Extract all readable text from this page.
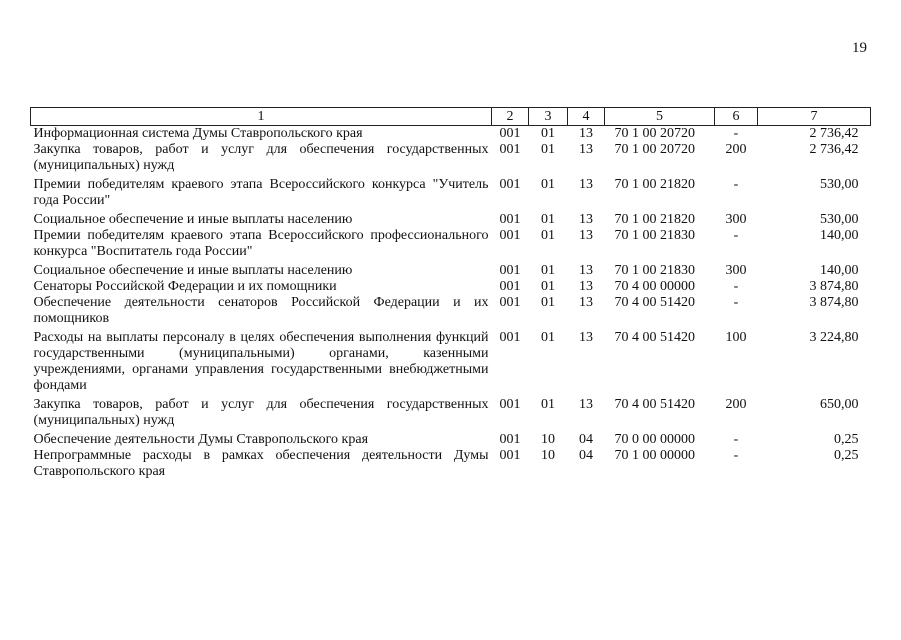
19
1	2	3	4	5	6	7
Информационная система Думы Ставропольского края	001	01	13	70 1 00 20720	-	2 736,42
Закупка товаров, работ и услуг для обеспечения государственных (муниципальных) нужд	001	01	13	70 1 00 20720	200	2 736,42
Премии победителям краевого этапа Всероссийского конкурса "Учитель года России"	001	01	13	70 1 00 21820	-	530,00
Социальное обеспечение и иные выплаты населению	001	01	13	70 1 00 21820	300	530,00
Премии победителям краевого этапа Всероссийского профессионального конкурса "Воспитатель года России"	001	01	13	70 1 00 21830	-	140,00
Социальное обеспечение и иные выплаты населению	001	01	13	70 1 00 21830	300	140,00
Сенаторы Российской Федерации и их помощники	001	01	13	70 4 00 00000	-	3 874,80
Обеспечение деятельности сенаторов Российской Федерации и их помощников	001	01	13	70 4 00 51420	-	3 874,80
Расходы на выплаты персоналу в целях обеспечения выполнения функций государственными (муниципальными) органами, казенными учреждениями, органами управления государственными внебюджетными фондами	001	01	13	70 4 00 51420	100	3 224,80
Закупка товаров, работ и услуг для обеспечения государственных (муниципальных) нужд	001	01	13	70 4 00 51420	200	650,00
Обеспечение деятельности Думы Ставропольского края	001	10	04	70 0 00 00000	-	0,25
Непрограммные расходы в рамках обеспечения деятельности Думы Ставропольского края	001	10	04	70 1 00 00000	-	0,25
